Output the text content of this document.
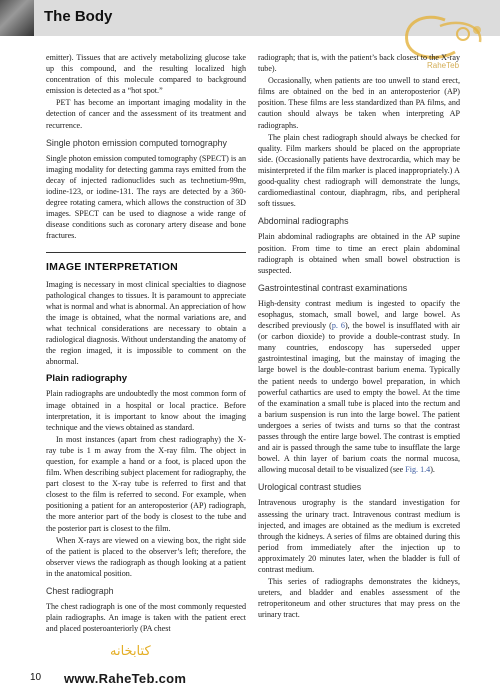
The Body
RaheTeb

emitter). Tissues that are actively metabolizing glucose take up this compound, and the resulting localized high concentration of this molecule compared to background emission is detected as a “hot spot.”

PET has become an important imaging modality in the detection of cancer and the assessment of its treatment and recurrence.

Single photon emission computed tomography

Single photon emission computed tomography (SPECT) is an imaging modality for detecting gamma rays emitted from the decay of injected radionuclides such as technetium-99m, iodine-123, or iodine-131. The rays are detected by a 360-degree rotating camera, which allows the construction of 3D images. SPECT can be used to diagnose a wide range of disease conditions such as coronary artery disease and bone fractures.

IMAGE INTERPRETATION

Imaging is necessary in most clinical specialties to diagnose pathological changes to tissues. It is paramount to appreciate what is normal and what is abnormal. An appreciation of how the image is obtained, what the normal variations are, and what technical considerations are necessary to obtain a radiological diagnosis. Without understanding the anatomy of the region imaged, it is impossible to comment on the abnormal.

Plain radiography

Plain radiographs are undoubtedly the most common form of image obtained in a hospital or local practice. Before interpretation, it is important to know about the imaging technique and the views obtained as standard.

In most instances (apart from chest radiography) the X-ray tube is 1 m away from the X-ray film. The object in question, for example a hand or a foot, is placed upon the film. When describing subject placement for radiography, the part closest to the X-ray tube is referred to first and that closest to the film is referred to second. For example, when positioning a patient for an anteroposterior (AP) radiograph, the more anterior part of the body is closest to the tube and the posterior part is closest to the film.

When X-rays are viewed on a viewing box, the right side of the patient is placed to the observer’s left; therefore, the observer views the radiograph as though looking at a patient in the anatomical position.

Chest radiograph

The chest radiograph is one of the most commonly requested plain radiographs. An image is taken with the patient erect and placed posteroanteriorly (PA chest

radiograph; that is, with the patient’s back closest to the X-ray tube).

Occasionally, when patients are too unwell to stand erect, films are obtained on the bed in an anteroposterior (AP) position. These films are less standardized than PA films, and caution should always be taken when interpreting AP radiographs.

The plain chest radiograph should always be checked for quality. Film markers should be placed on the appropriate side. (Occasionally patients have dextrocardia, which may be misinterpreted if the film marker is placed inappropriately.) A good-quality chest radiograph will demonstrate the lungs, cardiomediastinal contour, diaphragm, ribs, and peripheral soft tissues.

Abdominal radiographs

Plain abdominal radiographs are obtained in the AP supine position. From time to time an erect plain abdominal radiograph is obtained when small bowel obstruction is suspected.

Gastrointestinal contrast examinations

High-density contrast medium is ingested to opacify the esophagus, stomach, small bowel, and large bowel. As described previously (p. 6), the bowel is insufflated with air (or carbon dioxide) to provide a double-contrast study. In many countries, endoscopy has superseded upper gastrointestinal imaging, but the mainstay of imaging the large bowel is the double-contrast barium enema. Typically the patient needs to undergo bowel preparation, in which powerful cathartics are used to empty the bowel. At the time of the examination a small tube is placed into the rectum and a barium suspension is run into the large bowel. The patient undergoes a series of twists and turns so that the contrast passes through the entire large bowel. The contrast is emptied and air is passed through the same tube to insufflate the large bowel. A thin layer of barium coats the normal mucosa, allowing mucosal detail to be visualized (see Fig. 1.4).

Urological contrast studies

Intravenous urography is the standard investigation for assessing the urinary tract. Intravenous contrast medium is injected, and images are obtained as the medium is excreted through the kidneys. A series of films are obtained during this period from immediately after the injection up to approximately 20 minutes later, when the bladder is full of contrast medium.

This series of radiographs demonstrates the kidneys, ureters, and bladder and enables assessment of the retroperitoneum and other structures that may press on the urinary tract.

کتابخانه
10 www.RaheTeb.com
